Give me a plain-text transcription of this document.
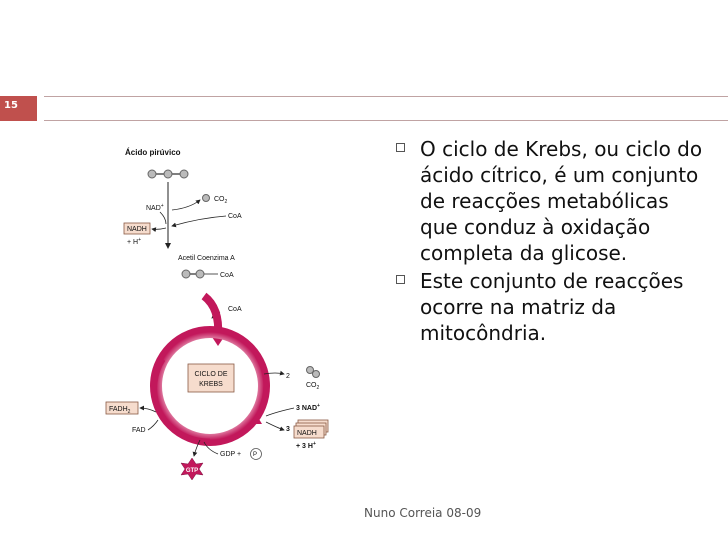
15
Ácido pirúvico
$CO_2$
NAD+
CoA
NADH
+ H+
Acetil Coenzima A
CoA
CoA
CICLO DE
KREBS
2
$CO_2$
3 NAD+
3
NADH
+ 3 H+
$FADH_2$
FAD
GDP + P
GTP
O ciclo de Krebs, ou ciclo do ácido cítrico, é um conjunto de reacções metabólicas que conduz à oxidação completa da glicose.
Este conjunto de reacções ocorre na matriz da mitocôndria.
Nuno Correia 08-09
